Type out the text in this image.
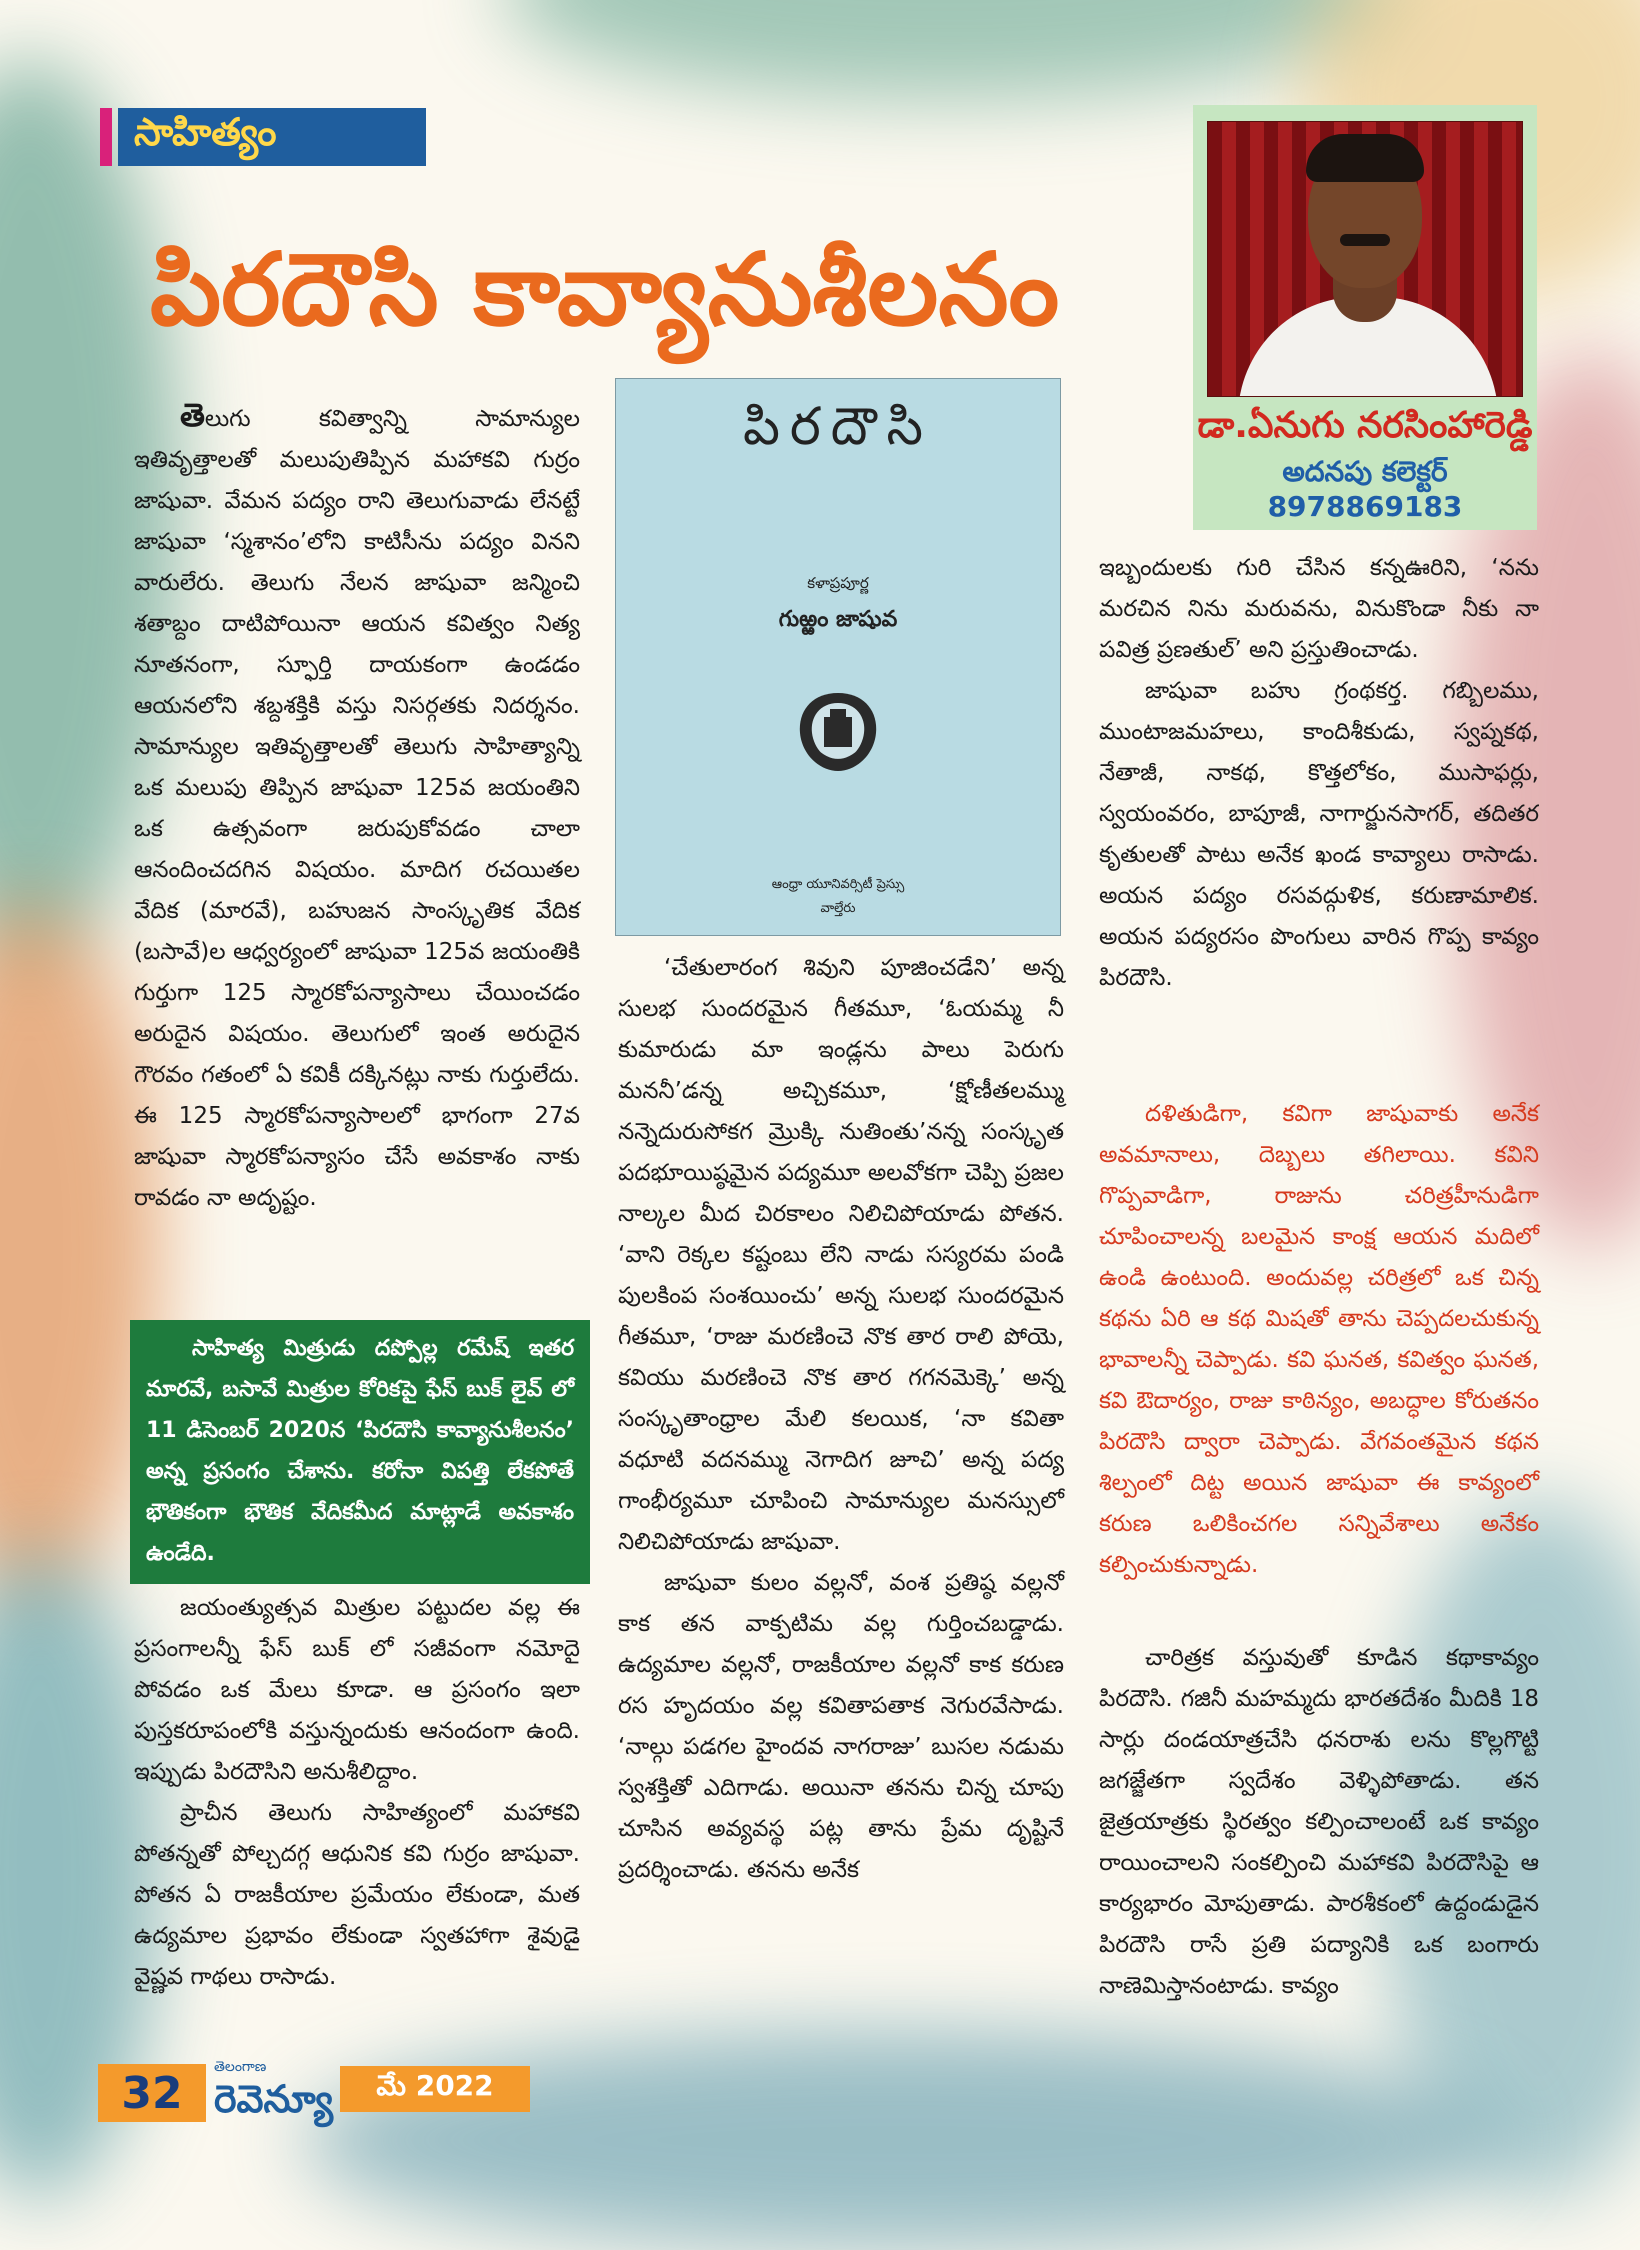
సాహిత్యం
పిరదౌసి కావ్యానుశీలనం
డా.ఏనుగు నరసింహారెడ్డి
అదనపు కలెక్టర్
8978869183
పిరదౌసి
కళాప్రపూర్ణ
గుఱ్ఱం జాషువ
ఆంధ్రా యూనివర్సిటీ ప్రెస్సు
వాల్తేరు

తెలుగు కవిత్వాన్ని సామాన్యుల ఇతివృత్తాలతో మలుపుతిప్పిన మహాకవి గుర్రం జాషువా. వేమన పద్యం రాని తెలుగువాడు లేనట్టే జాషువా ‘స్మశానం’లోని కాటిసీను పద్యం వినని వారులేరు. తెలుగు నేలన జాషువా జన్మించి శతాబ్దం దాటిపోయినా ఆయన కవిత్వం నిత్య నూతనంగా, స్ఫూర్తి దాయకంగా ఉండడం ఆయనలోని శబ్దశక్తికి వస్తు నిసర్గతకు నిదర్శనం. సామాన్యుల ఇతివృత్తాలతో తెలుగు సాహిత్యాన్ని ఒక మలుపు తిప్పిన జాషువా 125వ జయంతిని ఒక ఉత్సవంగా జరుపుకోవడం చాలా ఆనందించదగిన విషయం. మాదిగ రచయితల వేదిక (మారవే), బహుజన సాంస్కృతిక వేదిక (బసావే)ల ఆధ్వర్యంలో జాషువా 125వ జయంతికి గుర్తుగా 125 స్మారకోపన్యాసాలు చేయించడం అరుదైన విషయం. తెలుగులో ఇంత అరుదైన గౌరవం గతంలో ఏ కవికీ దక్కినట్లు నాకు గుర్తులేదు. ఈ 125 స్మారకోపన్యాసాలలో భాగంగా 27వ జాషువా స్మారకోపన్యాసం చేసే అవకాశం నాకు రావడం నా అదృష్టం.

సాహిత్య మిత్రుడు దప్పోల్ల రమేష్ ఇతర మారవే, బసావే మిత్రుల కోరికపై ఫేస్ బుక్ లైవ్ లో 11 డిసెంబర్ 2020న ‘పిరదౌసి కావ్యానుశీలనం’ అన్న ప్రసంగం చేశాను. కరోనా విపత్తి లేకపోతే భౌతికంగా భౌతిక వేదికమీద మాట్లాడే అవకాశం ఉండేది.

జయంత్యుత్సవ మిత్రుల పట్టుదల వల్ల ఈ ప్రసంగాలన్నీ ఫేస్ బుక్ లో సజీవంగా నమోదై పోవడం ఒక మేలు కూడా. ఆ ప్రసంగం ఇలా పుస్తకరూపంలోకి వస్తున్నందుకు ఆనందంగా ఉంది. ఇప్పుడు పిరదౌసిని అనుశీలిద్దాం.

ప్రాచీన తెలుగు సాహిత్యంలో మహాకవి పోతన్నతో పోల్చదగ్గ ఆధునిక కవి గుర్రం జాషువా. పోతన ఏ రాజకీయాల ప్రమేయం లేకుండా, మత ఉద్యమాల ప్రభావం లేకుండా స్వతహాగా శైవుడై వైష్ణవ గాథలు రాసాడు.

‘చేతులారంగ శివుని పూజించడేని’ అన్న సులభ సుందరమైన గీతమూ, ‘ఓయమ్మ నీ కుమారుడు మా ఇండ్లను పాలు పెరుగు మననీ’డన్న అచ్చికమూ, ‘క్షోణీతలమ్ము నన్నెదురుసోకగ మ్రొక్కి నుతింతు’నన్న సంస్కృత పదభూయిష్ఠమైన పద్యమూ అలవోకగా చెప్పి ప్రజల నాల్కల మీద చిరకాలం నిలిచిపోయాడు పోతన. ‘వాని రెక్కల కష్టంబు లేని నాడు సస్యరమ పండి పులకింప సంశయించు’ అన్న సులభ సుందరమైన గీతమూ, ‘రాజు మరణించె నొక తార రాలి పోయె, కవియు మరణించె నొక తార గగనమెక్కె’ అన్న సంస్కృతాంధ్రాల మేలి కలయిక, ‘నా కవితా వధూటి వదనమ్ము నెగాదిగ జూచి’ అన్న పద్య గాంభీర్యమూ చూపించి సామాన్యుల మనస్సులో నిలిచిపోయాడు జాషువా.

జాషువా కులం వల్లనో, వంశ ప్రతిష్ఠ వల్లనో కాక తన వాక్పటిమ వల్ల గుర్తించబడ్డాడు. ఉద్యమాల వల్లనో, రాజకీయాల వల్లనో కాక కరుణ రస హృదయం వల్ల కవితాపతాక నెగురవేసాడు. ‘నాల్గు పడగల హైందవ నాగరాజు’ బుసల నడుమ స్వశక్తితో ఎదిగాడు. అయినా తనను చిన్న చూపు చూసిన అవ్యవస్థ పట్ల తాను ప్రేమ దృష్టినే ప్రదర్శించాడు. తనను అనేక

ఇబ్బందులకు గురి చేసిన కన్నఊరిని, ‘నను మరచిన నిను మరువను, వినుకొండా నీకు నా పవిత్ర ప్రణతుల్’ అని ప్రస్తుతించాడు.

జాషువా బహు గ్రంథకర్త. గబ్బిలము, ముంటాజమహలు, కాందిశీకుడు, స్వప్నకథ, నేతాజీ, నాకథ, కొత్తలోకం, ముసాఫర్లు, స్వయంవరం, బాపూజీ, నాగార్జునసాగర్, తదితర కృతులతో పాటు అనేక ఖండ కావ్యాలు రాసాడు. అయన పద్యం రసవద్గుళిక, కరుణామాలిక. అయన పద్యరసం పొంగులు వారిన గొప్ప కావ్యం పిరదౌసి.

దళితుడిగా, కవిగా జాషువాకు అనేక అవమానాలు, దెబ్బలు తగిలాయి. కవిని గొప్పవాడిగా, రాజును చరిత్రహీనుడిగా చూపించాలన్న బలమైన కాంక్ష ఆయన మదిలో ఉండి ఉంటుంది. అందువల్ల చరిత్రలో ఒక చిన్న కథను ఏరి ఆ కథ మిషతో తాను చెప్పదలచుకున్న భావాలన్నీ చెప్పాడు. కవి ఘనత, కవిత్వం ఘనత, కవి ఔదార్యం, రాజు కాఠిన్యం, అబద్ధాల కోరుతనం పిరదౌసి ద్వారా చెప్పాడు. వేగవంతమైన కథన శిల్పంలో దిట్ట అయిన జాషువా ఈ కావ్యంలో కరుణ ఒలికించగల సన్నివేశాలు అనేకం కల్పించుకున్నాడు.

చారిత్రక వస్తువుతో కూడిన కథాకావ్యం పిరదౌసి. గజినీ మహమ్మదు భారతదేశం మీదికి 18 సార్లు దండయాత్రచేసి ధనరాశు లను కొల్లగొట్టి జగజ్జేతగా స్వదేశం వెళ్ళిపోతాడు. తన జైత్రయాత్రకు స్థిరత్వం కల్పించాలంటే ఒక కావ్యం రాయించాలని సంకల్పించి మహాకవి పిరదౌసిపై ఆ కార్యభారం మోపుతాడు. పారశీకంలో ఉద్దండుడైన పిరదౌసి రాసే ప్రతి పద్యానికి ఒక బంగారు నాణెమిస్తానంటాడు. కావ్యం

32
తెలంగాణ
రెవెన్యూ	మే 2022
